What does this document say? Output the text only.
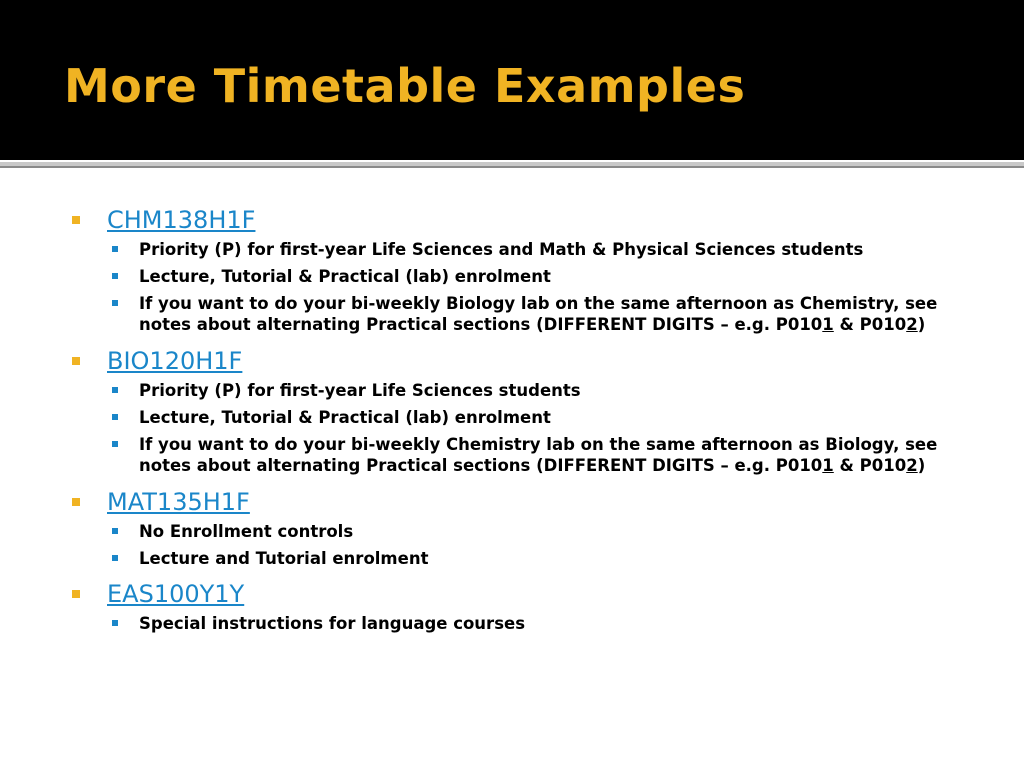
More Timetable Examples
CHM138H1F
Priority (P) for first-year Life Sciences and Math & Physical Sciences students
Lecture, Tutorial & Practical (lab) enrolment
If you want to do your bi-weekly Biology lab on the same afternoon as Chemistry, see
notes about alternating Practical sections (DIFFERENT DIGITS – e.g. P0101 & P0102)
BIO120H1F
Priority (P) for first-year Life Sciences students
Lecture, Tutorial & Practical (lab) enrolment
If you want to do your bi-weekly Chemistry lab on the same afternoon as Biology, see
notes about alternating Practical sections (DIFFERENT DIGITS – e.g. P0101 & P0102)
MAT135H1F
No Enrollment controls
Lecture and Tutorial enrolment
EAS100Y1Y
Special instructions for language courses
